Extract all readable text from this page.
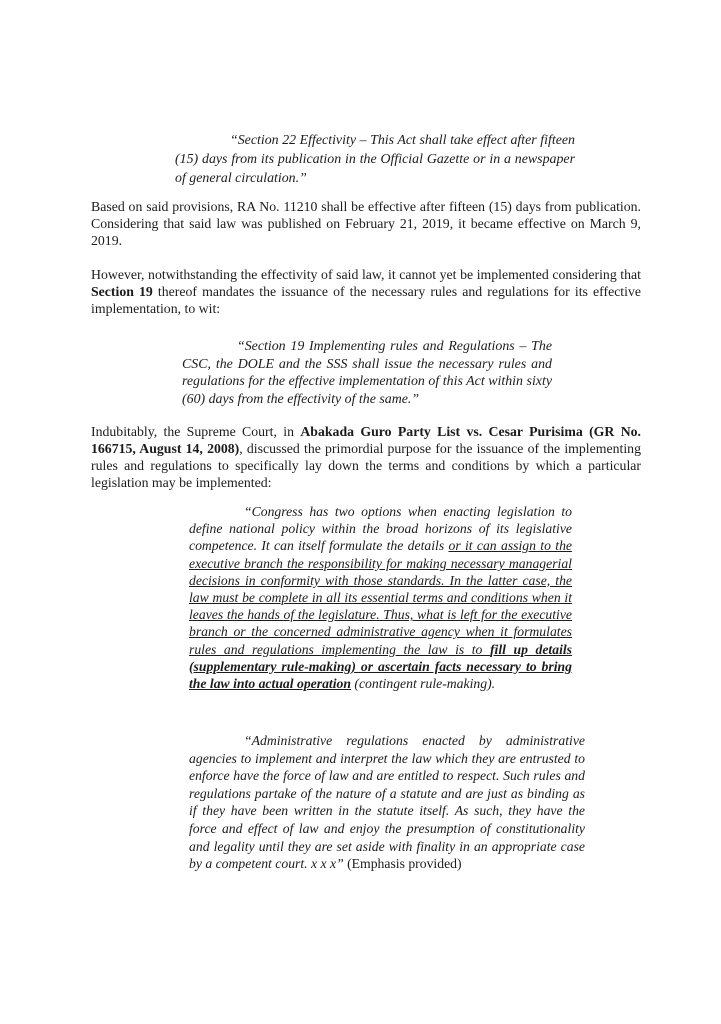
“Section 22 Effectivity – This Act shall take effect after fifteen (15) days from its publication in the Official Gazette or in a newspaper of general circulation.”
Based on said provisions, RA No. 11210 shall be effective after fifteen (15) days from publication. Considering that said law was published on February 21, 2019, it became effective on March 9, 2019.
However, notwithstanding the effectivity of said law, it cannot yet be implemented considering that Section 19 thereof mandates the issuance of the necessary rules and regulations for its effective implementation, to wit:
“Section 19 Implementing rules and Regulations – The CSC, the DOLE and the SSS shall issue the necessary rules and regulations for the effective implementation of this Act within sixty (60) days from the effectivity of the same.”
Indubitably, the Supreme Court, in Abakada Guro Party List vs. Cesar Purisima (GR No. 166715, August 14, 2008), discussed the primordial purpose for the issuance of the implementing rules and regulations to specifically lay down the terms and conditions by which a particular legislation may be implemented:
“Congress has two options when enacting legislation to define national policy within the broad horizons of its legislative competence. It can itself formulate the details or it can assign to the executive branch the responsibility for making necessary managerial decisions in conformity with those standards. In the latter case, the law must be complete in all its essential terms and conditions when it leaves the hands of the legislature. Thus, what is left for the executive branch or the concerned administrative agency when it formulates rules and regulations implementing the law is to fill up details (supplementary rule-making) or ascertain facts necessary to bring the law into actual operation (contingent rule-making).
“Administrative regulations enacted by administrative agencies to implement and interpret the law which they are entrusted to enforce have the force of law and are entitled to respect. Such rules and regulations partake of the nature of a statute and are just as binding as if they have been written in the statute itself. As such, they have the force and effect of law and enjoy the presumption of constitutionality and legality until they are set aside with finality in an appropriate case by a competent court. x x x” (Emphasis provided)
